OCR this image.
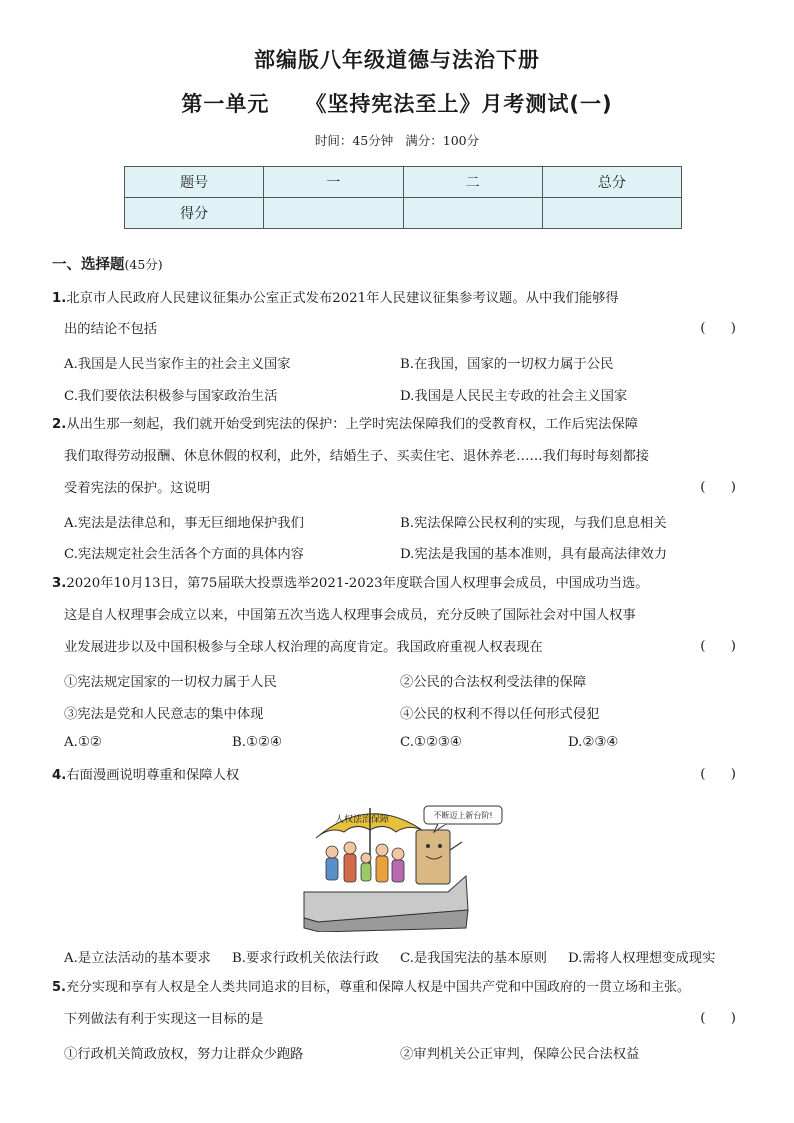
部编版八年级道德与法治下册
第一单元 《坚持宪法至上》月考测试(一)
时间：45分钟 满分：100分
题号	一	二	总分
得分			
一、选择题(45分)
1.北京市人民政府人民建议征集办公室正式发布2021年人民建议征集参考议题。从中我们能够得
出的结论不包括	(      )
A.我国是人民当家作主的社会主义国家	B.在我国，国家的一切权力属于公民
C.我们要依法积极参与国家政治生活	D.我国是人民民主专政的社会主义国家
2.从出生那一刻起，我们就开始受到宪法的保护：上学时宪法保障我们的受教育权，工作后宪法保障
我们取得劳动报酬、休息休假的权利，此外，结婚生子、买卖住宅、退休养老……我们每时每刻都接
受着宪法的保护。这说明	(      )
A.宪法是法律总和，事无巨细地保护我们	B.宪法保障公民权利的实现，与我们息息相关
C.宪法规定社会生活各个方面的具体内容	D.宪法是我国的基本准则，具有最高法律效力
3.2020年10月13日，第75届联大投票选举2021-2023年度联合国人权理事会成员，中国成功当选。
这是自人权理事会成立以来，中国第五次当选人权理事会成员，充分反映了国际社会对中国人权事
业发展进步以及中国积极参与全球人权治理的高度肯定。我国政府重视人权表现在	(      )
①宪法规定国家的一切权力属于人民	②公民的合法权利受法律的保障
③宪法是党和人民意志的集中体现	④公民的权利不得以任何形式侵犯
A.①②	B.①②④	C.①②③④	D.②③④
4.右面漫画说明尊重和保障人权	(      )
人权法治保障	不断迈上新台阶!
A.是立法活动的基本要求 B.要求行政机关依法行政 C.是我国宪法的基本原则 D.需将人权理想变成现实
5.充分实现和享有人权是全人类共同追求的目标，尊重和保障人权是中国共产党和中国政府的一贯立场和主张。
下列做法有利于实现这一目标的是	(      )
①行政机关简政放权，努力让群众少跑路	②审判机关公正审判，保障公民合法权益
